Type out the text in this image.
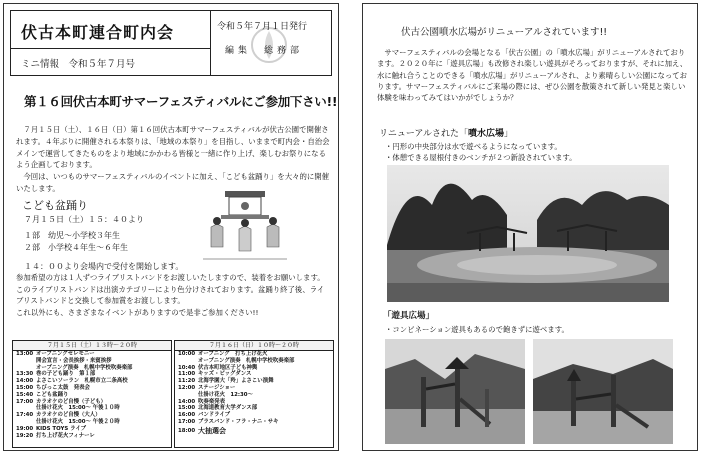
伏古本町連合町内会
ミニ情報　令和５年７月号
令和５年７月１日発行
編集　総務部
第１６回伏古本町サマーフェスティバルにご参加下さい!!

７月１５日（土）、１６日（日）第１６回伏古本町サマーフェスティバルが伏古公園で開催されます。４年ぶりに開催される本祭りは、「地域の本祭り」を目指し、いままで町内会・自治会メインで運営してきたものをより地域にかかわる皆様と一緒に作り上げ、楽しむお祭りになるよう企画しております。

今回は、いつものサマーフェスティバルのイベントに加え、「こども盆踊り」を大々的に開催いたします。

こども盆踊り
７月１５日（土）１５：４０より
１部　幼児〜小学校３年生
２部　小学校４年生〜６年生
１４：００より会場内で受付を開始します。

参加希望の方は１人ずつライブリストバンドをお渡しいたしますので、装着をお願いします。このライブリストバンドは出演カテゴリーにより色分けされております。盆踊り終了後、ライブリストバンドと交換して参加賞をお渡しします。

これ以外にも、さまざまなイベントがありますので是非ご参加ください!!

７月１５日（土）１３時〜２０時
13:00 オープニングセレモニー
開会宣言・会長挨拶・来賓挨拶
オープニング演奏　札幌中学校吹奏楽部
13:30 巻の子ども踊り　第１部
14:00 よさこいソーラン　札幌市立二条高校
15:00 ちびっこ太鼓　発表会
15:40 こども盆踊り
17:00 カラオケのど自慢（子ども）
仕掛け花火　15:00〜 午後１０時
17:40 カラオケのど自慢（大人）
仕掛け花火　15:00〜 午後２０時
19:00 KIDS TOYS ライブ
19:20 打ち上げ花火フィナーレ
７月１６日（日）１０時〜２０時
10:00 オープニング　打ち上げ花火
オープニング演奏　札幌中学校吹奏楽部
10:40 伏古本町地区子ども神輿
11:00 キッズ・ビッグダンス
11:20 北海学園大「羚」よさこい演舞
12:00 ステージショー
仕掛け花火　12:30〜
14:00 吹奏楽発表
15:00 北海道教育大学ダンス部
16:00 バンドライブ
17:00 ブラスバンド・フラ・ナニ・サキ
18:00 大抽選会
伏古公園噴水広場がリニューアルされています!!

サマーフェスティバルの会場となる「伏古公園」の「噴水広場」がリニューアルされております。２０２０年に「遊具広場」も改修され楽しい遊具がそろっておりますが、それに加え、水に触れ合うことのできる「噴水広場」がリニューアルされ、より素晴らしい公園になっております。サマーフェスティバルにご来場の際には、ぜひ公園を散策されて新しい発見と楽しい体験を味わってみてはいかがでしょうか？

リニューアルされた「噴水広場」
・円形の中央部分は水で遊べるようになっています。
・体憩できる屋根付きのベンチが２つ新設されています。
「遊具広場」
・コンビネーション遊具もあるので飽きずに遊べます。
